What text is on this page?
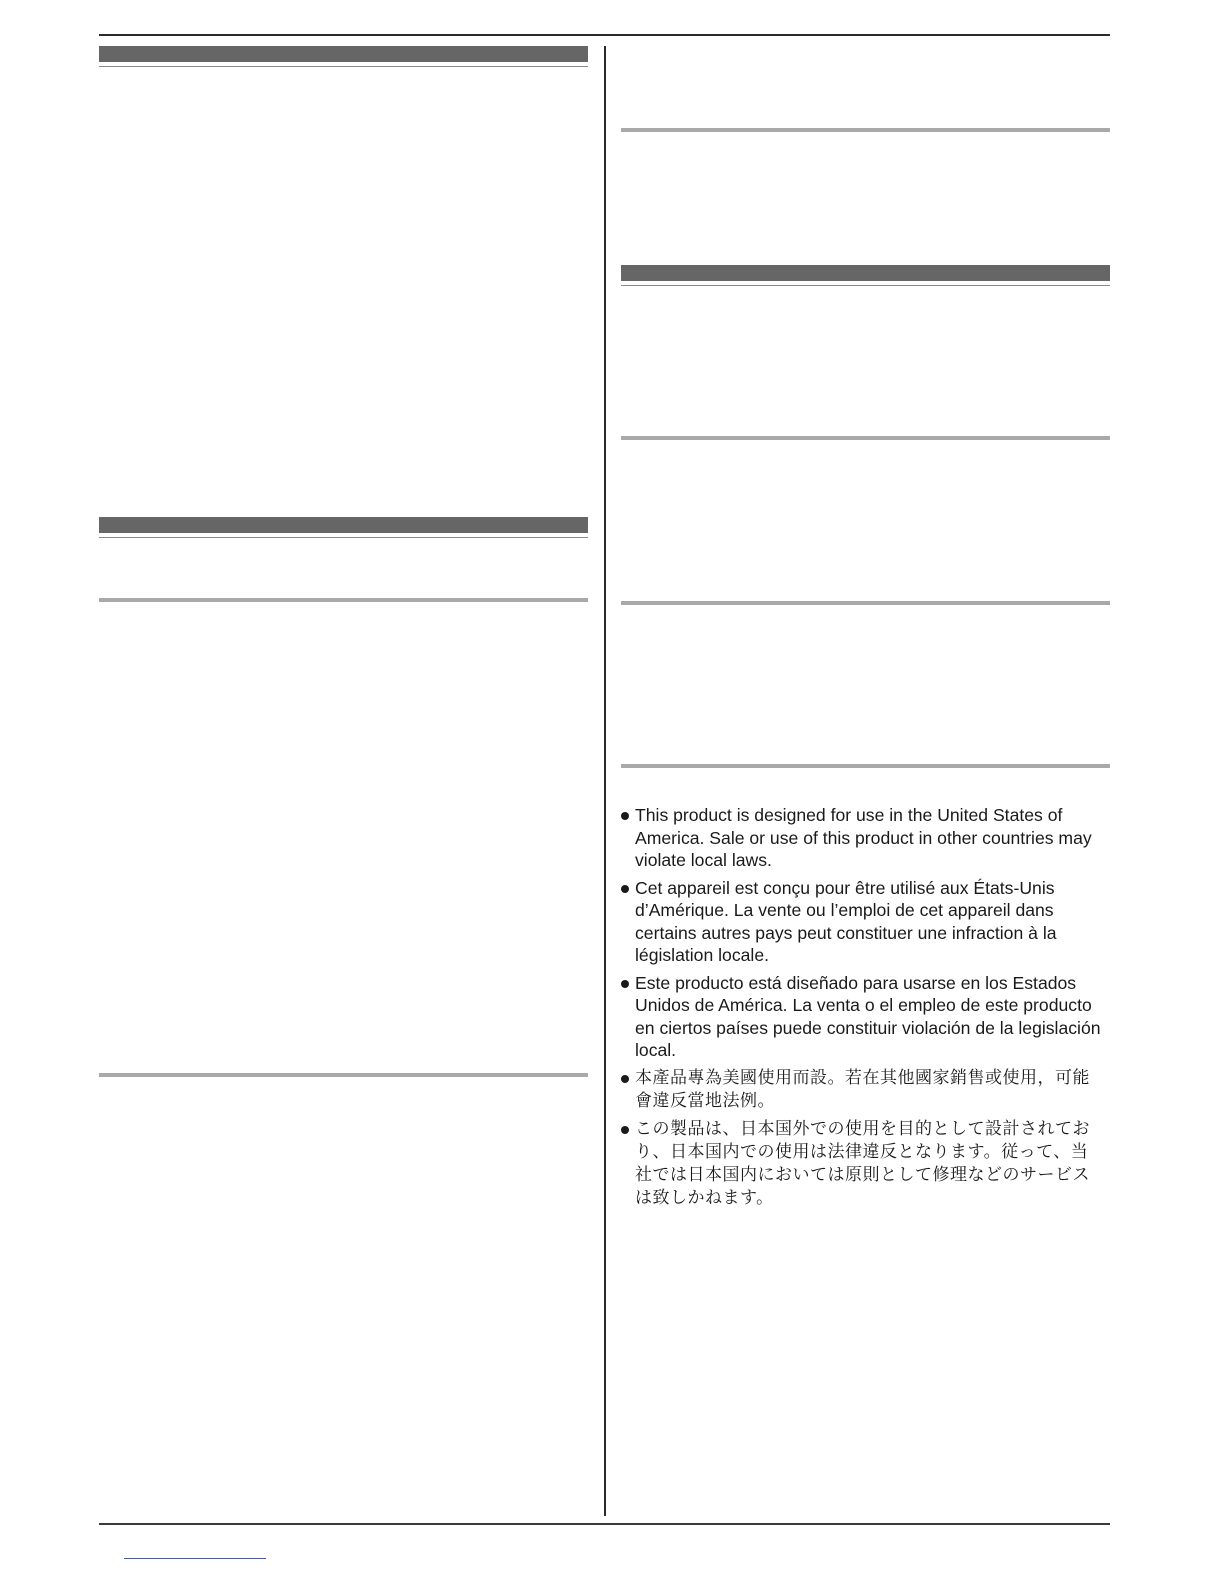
This product is designed for use in the United States of America. Sale or use of this product in other countries may violate local laws.
Cet appareil est conçu pour être utilisé aux États-Unis d’Amérique. La vente ou l’emploi de cet appareil dans certains autres pays peut constituer une infraction à la législation locale.
Este producto está diseñado para usarse en los Estados Unidos de América. La venta o el empleo de este producto en ciertos países puede constituir violación de la legislación local.
本產品專為美國使用而設。若在其他國家銷售或使用，可能會違反當地法例。
この製品は、日本国外での使用を目的として設計されており、日本国内での使用は法律違反となります。従って、当社では日本国内においては原則として修理などのサービスは致しかねます。
